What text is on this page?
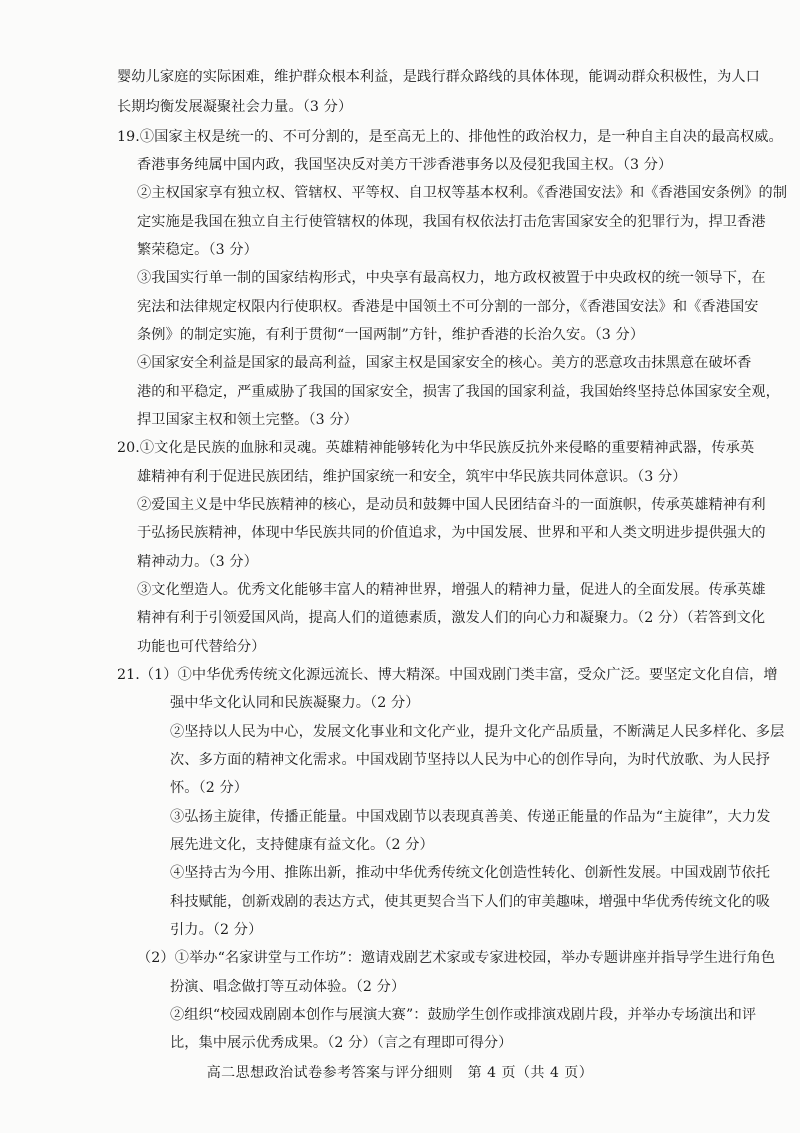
婴幼儿家庭的实际困难，维护群众根本利益，是践行群众路线的具体体现，能调动群众积极性，为人口
长期均衡发展凝聚社会力量。（3 分）
19.①国家主权是统一的、不可分割的，是至高无上的、排他性的政治权力，是一种自主自决的最高权威。
香港事务纯属中国内政，我国坚决反对美方干涉香港事务以及侵犯我国主权。（3 分）
②主权国家享有独立权、管辖权、平等权、自卫权等基本权利。《香港国安法》和《香港国安条例》的制
定实施是我国在独立自主行使管辖权的体现，我国有权依法打击危害国家安全的犯罪行为，捍卫香港
繁荣稳定。（3 分）
③我国实行单一制的国家结构形式，中央享有最高权力，地方政权被置于中央政权的统一领导下，在
宪法和法律规定权限内行使职权。香港是中国领土不可分割的一部分，《香港国安法》和《香港国安
条例》的制定实施，有利于贯彻“一国两制”方针，维护香港的长治久安。（3 分）
④国家安全利益是国家的最高利益，国家主权是国家安全的核心。美方的恶意攻击抹黑意在破坏香
港的和平稳定，严重威胁了我国的国家安全，损害了我国的国家利益，我国始终坚持总体国家安全观，
捍卫国家主权和领土完整。（3 分）
20.①文化是民族的血脉和灵魂。英雄精神能够转化为中华民族反抗外来侵略的重要精神武器，传承英
雄精神有利于促进民族团结，维护国家统一和安全，筑牢中华民族共同体意识。（3 分）
②爱国主义是中华民族精神的核心，是动员和鼓舞中国人民团结奋斗的一面旗帜，传承英雄精神有利
于弘扬民族精神，体现中华民族共同的价值追求，为中国发展、世界和平和人类文明进步提供强大的
精神动力。（3 分）
③文化塑造人。优秀文化能够丰富人的精神世界，增强人的精神力量，促进人的全面发展。传承英雄
精神有利于引领爱国风尚，提高人们的道德素质，激发人们的向心力和凝聚力。（2 分）（若答到文化
功能也可代替给分）
21.（1）①中华优秀传统文化源远流长、博大精深。中国戏剧门类丰富，受众广泛。要坚定文化自信，增
强中华文化认同和民族凝聚力。（2 分）
②坚持以人民为中心，发展文化事业和文化产业，提升文化产品质量，不断满足人民多样化、多层
次、多方面的精神文化需求。中国戏剧节坚持以人民为中心的创作导向，为时代放歌、为人民抒
怀。（2 分）
③弘扬主旋律，传播正能量。中国戏剧节以表现真善美、传递正能量的作品为“主旋律”，大力发
展先进文化，支持健康有益文化。（2 分）
④坚持古为今用、推陈出新，推动中华优秀传统文化创造性转化、创新性发展。中国戏剧节依托
科技赋能，创新戏剧的表达方式，使其更契合当下人们的审美趣味，增强中华优秀传统文化的吸
引力。（2 分）
（2）①举办“名家讲堂与工作坊”：邀请戏剧艺术家或专家进校园，举办专题讲座并指导学生进行角色
扮演、唱念做打等互动体验。（2 分）
②组织“校园戏剧剧本创作与展演大赛”：鼓励学生创作或排演戏剧片段，并举办专场演出和评
比，集中展示优秀成果。（2 分）（言之有理即可得分）
高二思想政治试卷参考答案与评分细则　第 4 页（共 4 页）
